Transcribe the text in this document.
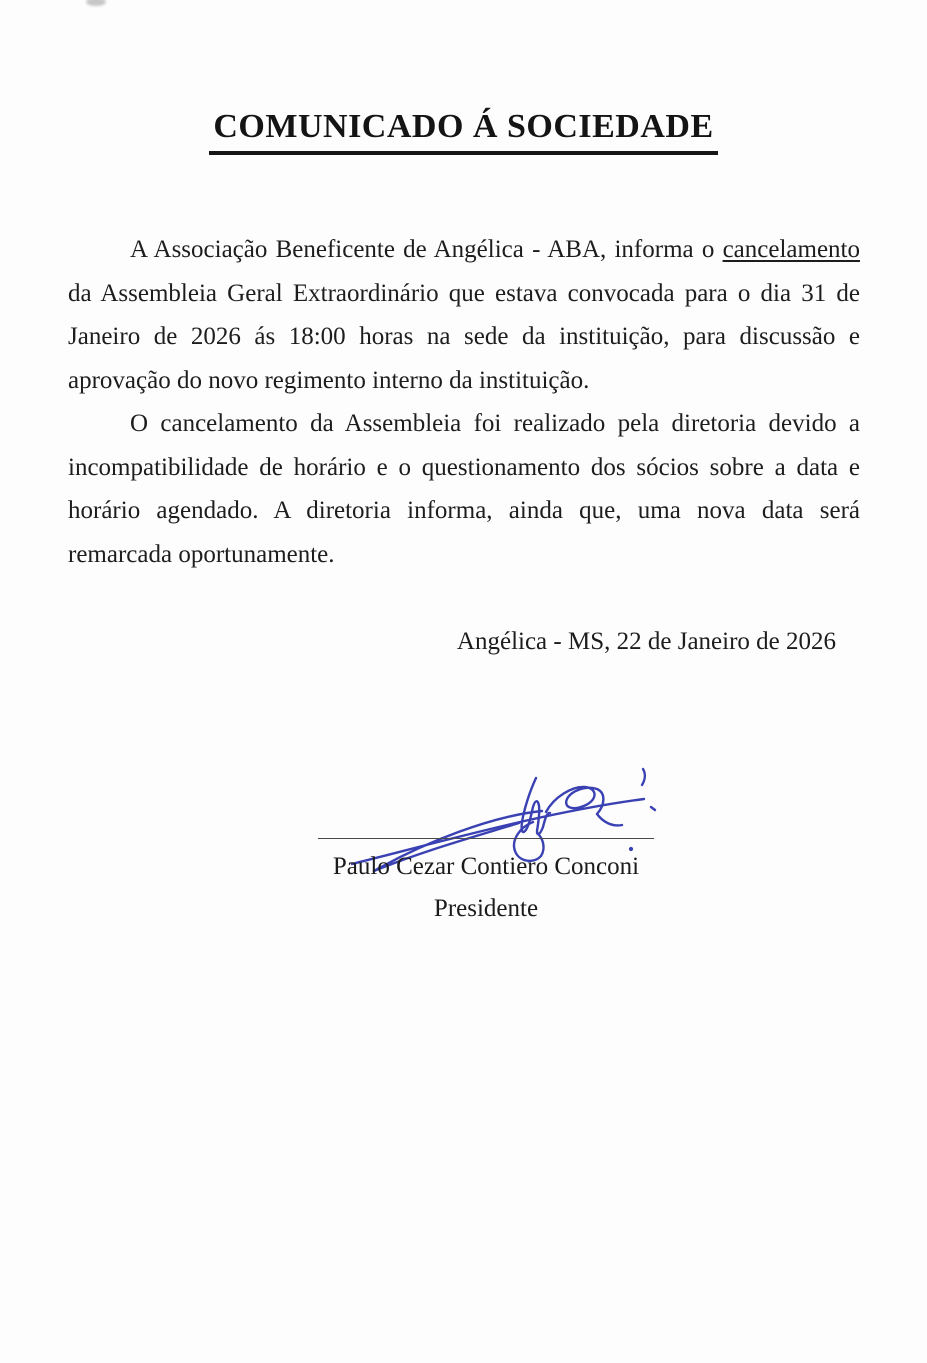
COMUNICADO Á SOCIEDADE

A Associação Beneficente de Angélica - ABA, informa o cancelamento da Assembleia Geral Extraordinário que estava convocada para o dia 31 de Janeiro de 2026 ás 18:00 horas na sede da instituição, para discussão e aprovação do novo regimento interno da instituição.

O cancelamento da Assembleia foi realizado pela diretoria devido a incompatibilidade de horário e o questionamento dos sócios sobre a data e horário agendado. A diretoria informa, ainda que, uma nova data será remarcada oportunamente.

Angélica - MS, 22 de Janeiro de 2026

Paulo Cezar Contiero Conconi
Presidente
